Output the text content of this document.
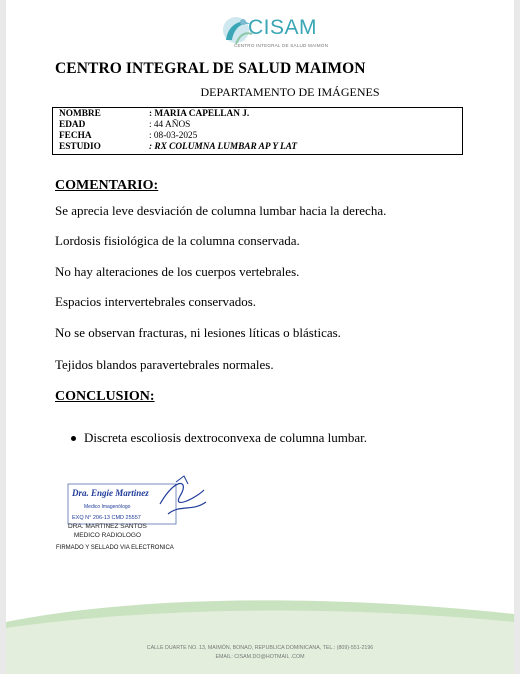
CISAM
CENTRO INTEGRAL DE SALUD MAIMON
CENTRO INTEGRAL DE SALUD MAIMON
DEPARTAMENTO DE IMÁGENES
NOMBRE	: MARIA CAPELLAN J.
EDAD	: 44 AÑOS
FECHA	: 08-03-2025
ESTUDIO	: RX COLUMNA LUMBAR AP Y LAT
COMENTARIO:
Se aprecia leve desviación de columna lumbar hacia la derecha.
Lordosis fisiológica de la columna conservada.
No hay alteraciones de los cuerpos vertebrales.
Espacios intervertebrales conservados.
No se observan fracturas, ni lesiones líticas o blásticas.
Tejidos blandos paravertebrales normales.
CONCLUSION:
Discreta escoliosis dextroconvexa de columna lumbar.
Dra. Engie Martinez
Medico Imagenólogo
EXQ N° 206-13 CMD 25557
DRA. MARTINEZ SANTOS
MEDICO RADIOLOGO
FIRMADO Y SELLADO VIA ELECTRONICA
CALLE DUARTE NO. 13, MAIMÓN, BONAO, REPUBLICA DOMINICANA, TEL.: (809)-551-2196
EMAIL: CISAM.DO@HOTMAIL .COM
